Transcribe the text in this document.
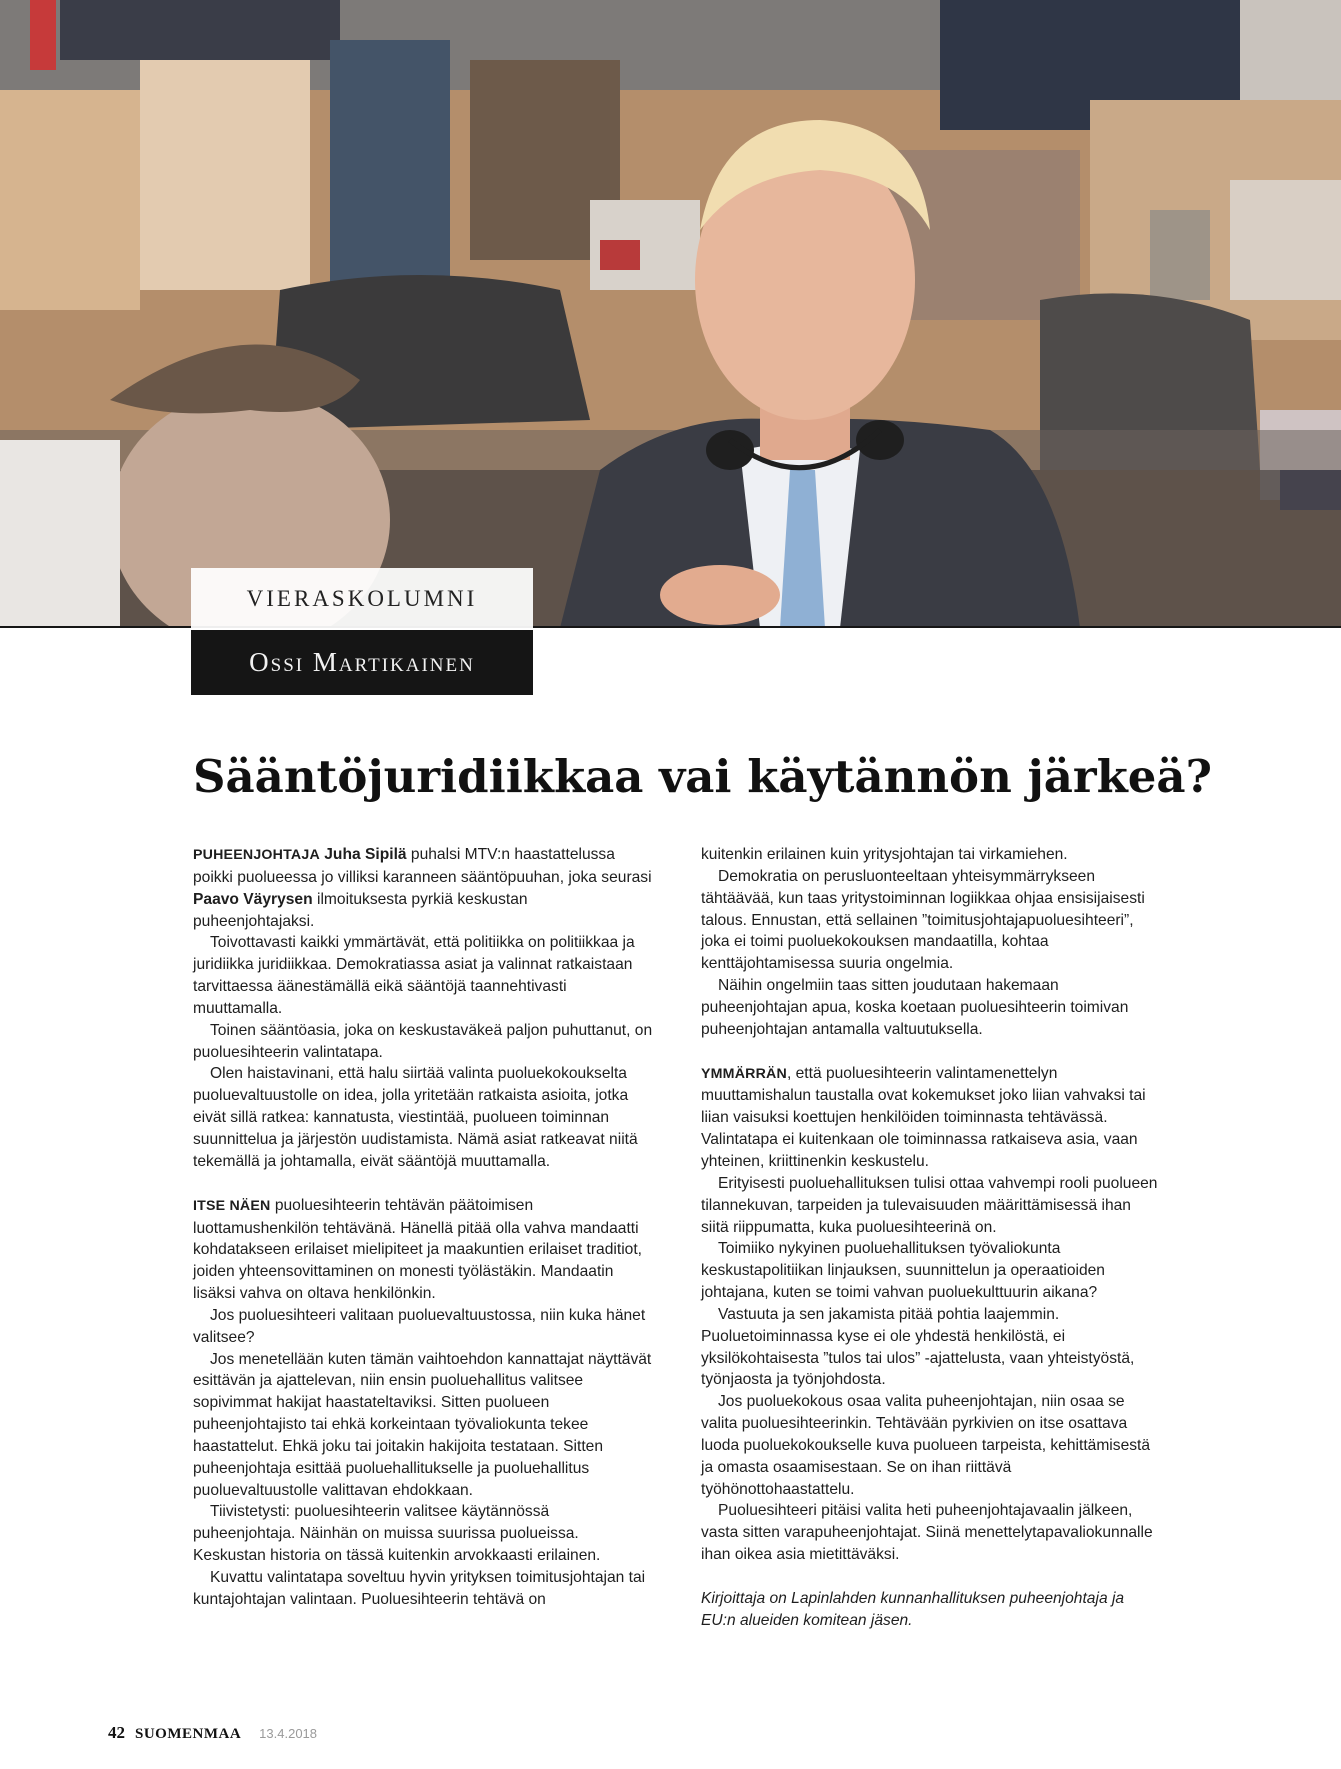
VIERASKOLUMNI
Ossi Martikainen
Sääntöjuridiikkaa vai käytännön järkeä?

PUHEENJOHTAJA Juha Sipilä puhalsi MTV:n haastattelussa poikki puolueessa jo villiksi karanneen sääntöpuuhan, joka seurasi Paavo Väyrysen ilmoituksesta pyrkiä keskustan puheenjohtajaksi.

Toivottavasti kaikki ymmärtävät, että politiikka on politiikkaa ja juridiikka juridiikkaa. Demokratiassa asiat ja valinnat ratkaistaan tarvittaessa äänestämällä eikä sääntöjä taannehtivasti muuttamalla.

Toinen sääntöasia, joka on keskustaväkeä paljon puhuttanut, on puoluesihteerin valintatapa.

Olen haistavinani, että halu siirtää valinta puoluekokoukselta puoluevaltuustolle on idea, jolla yritetään ratkaista asioita, jotka eivät sillä ratkea: kannatusta, viestintää, puolueen toiminnan suunnittelua ja järjestön uudistamista. Nämä asiat ratkeavat niitä tekemällä ja johtamalla, eivät sääntöjä muuttamalla.

ITSE NÄEN puoluesihteerin tehtävän päätoimisen luottamushenkilön tehtävänä. Hänellä pitää olla vahva mandaatti kohdatakseen erilaiset mielipiteet ja maakuntien erilaiset traditiot, joiden yhteensovittaminen on monesti työlästäkin. Mandaatin lisäksi vahva on oltava henkilönkin.

Jos puoluesihteeri valitaan puoluevaltuustossa, niin kuka hänet valitsee?

Jos menetellään kuten tämän vaihtoehdon kannattajat näyttävät esittävän ja ajattelevan, niin ensin puoluehallitus valitsee sopivimmat hakijat haastateltaviksi. Sitten puolueen puheenjohtajisto tai ehkä korkeintaan työvaliokunta tekee haastattelut. Ehkä joku tai joitakin hakijoita testataan. Sitten puheenjohtaja esittää puoluehallitukselle ja puoluehallitus puoluevaltuustolle valittavan ehdokkaan.

Tiivistetysti: puoluesihteerin valitsee käytännössä puheenjohtaja. Näinhän on muissa suurissa puolueissa. Keskustan historia on tässä kuitenkin arvokkaasti erilainen.

Kuvattu valintatapa soveltuu hyvin yrityksen toimitusjohtajan tai kuntajohtajan valintaan. Puoluesihteerin tehtävä on

kuitenkin erilainen kuin yritysjohtajan tai virkamiehen.

Demokratia on perusluonteeltaan yhteisymmärrykseen tähtäävää, kun taas yritystoiminnan logiikkaa ohjaa ensisijaisesti talous. Ennustan, että sellainen ”toimitusjohtajapuoluesihteeri”, joka ei toimi puoluekokouksen mandaatilla, kohtaa kenttäjohtamisessa suuria ongelmia.

Näihin ongelmiin taas sitten joudutaan hakemaan puheenjohtajan apua, koska koetaan puoluesihteerin toimivan puheenjohtajan antamalla valtuutuksella.

YMMÄRRÄN, että puoluesihteerin valintamenettelyn muuttamishalun taustalla ovat kokemukset joko liian vahvaksi tai liian vaisuksi koettujen henkilöiden toiminnasta tehtävässä. Valintatapa ei kuitenkaan ole toiminnassa ratkaiseva asia, vaan yhteinen, kriittinenkin keskustelu.

Erityisesti puoluehallituksen tulisi ottaa vahvempi rooli puolueen tilannekuvan, tarpeiden ja tulevaisuuden määrittämisessä ihan siitä riippumatta, kuka puoluesihteerinä on.

Toimiiko nykyinen puoluehallituksen työvaliokunta keskustapolitiikan linjauksen, suunnittelun ja operaatioiden johtajana, kuten se toimi vahvan puoluekulttuurin aikana?

Vastuuta ja sen jakamista pitää pohtia laajemmin. Puoluetoiminnassa kyse ei ole yhdestä henkilöstä, ei yksilökohtaisesta ”tulos tai ulos” -ajattelusta, vaan yhteistyöstä, työnjaosta ja työnjohdosta.

Jos puoluekokous osaa valita puheenjohtajan, niin osaa se valita puoluesihteerinkin. Tehtävään pyrkivien on itse osattava luoda puoluekokoukselle kuva puolueen tarpeista, kehittämisestä ja omasta osaamisestaan. Se on ihan riittävä työhönottohaastattelu.

Puoluesihteeri pitäisi valita heti puheenjohtajavaalin jälkeen, vasta sitten varapuheenjohtajat. Siinä menettelytapavaliokunnalle ihan oikea asia mietittäväksi.

Kirjoittaja on Lapinlahden kunnanhallituksen puheenjohtaja ja EU:n alueiden komitean jäsen.

42 SUOMENMAA 13.4.2018
